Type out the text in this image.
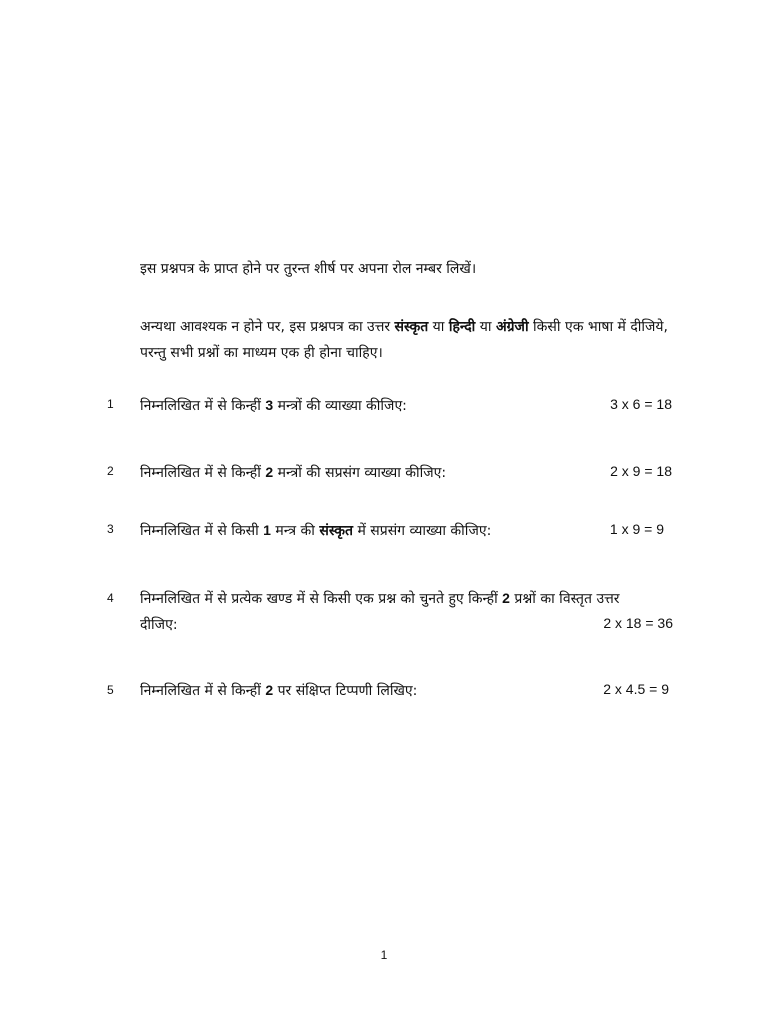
इस प्रश्नपत्र के प्राप्त होने पर तुरन्त शीर्ष पर अपना रोल नम्बर लिखें।

अन्यथा आवश्यक न होने पर, इस प्रश्नपत्र का उत्तर संस्कृत या हिन्दी या अंग्रेजी किसी एक भाषा में दीजिये, परन्तु सभी प्रश्नों का माध्यम एक ही होना चाहिए।

1	निम्नलिखित में से किन्हीं 3 मन्त्रों की व्याख्या कीजिए:	3 x 6 = 18
2	निम्नलिखित में से किन्हीं 2 मन्त्रों की सप्रसंग व्याख्या कीजिए:	2 x 9 = 18
3	निम्नलिखित में से किसी 1 मन्त्र की संस्कृत में सप्रसंग व्याख्या कीजिए:	1 x 9 = 9
4	निम्नलिखित में से प्रत्येक खण्ड में से किसी एक प्रश्न को चुनते हुए किन्हीं 2 प्रश्नों का विस्तृत उत्तर
दीजिए:	2 x 18 = 36
5	निम्नलिखित में से किन्हीं 2 पर संक्षिप्त टिप्पणी लिखिए:	2 x 4.5 = 9
1
